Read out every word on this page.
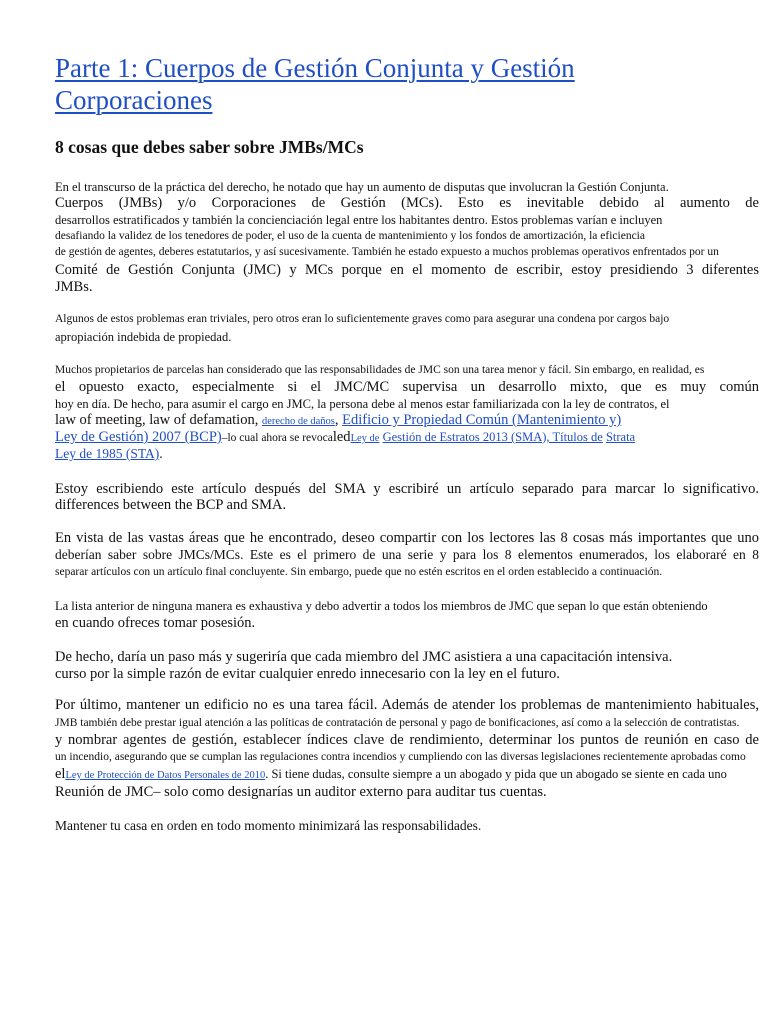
Parte 1: Cuerpos de Gestión Conjunta y Gestión
Corporaciones
8 cosas que debes saber sobre JMBs/MCs
En el transcurso de la práctica del derecho, he notado que hay un aumento de disputas que involucran la Gestión Conjunta.
Cuerpos (JMBs) y/o Corporaciones de Gestión (MCs). Esto es inevitable debido al aumento de
desarrollos estratificados y también la concienciación legal entre los habitantes dentro. Estos problemas varían e incluyen
desafiando la validez de los tenedores de poder, el uso de la cuenta de mantenimiento y los fondos de amortización, la eficiencia
de gestión de agentes, deberes estatutarios, y así sucesivamente. También he estado expuesto a muchos problemas operativos enfrentados por un
Comité de Gestión Conjunta (JMC) y MCs porque en el momento de escribir, estoy presidiendo 3 diferentes
JMBs.
Algunos de estos problemas eran triviales, pero otros eran lo suficientemente graves como para asegurar una condena por cargos bajo
apropiación indebida de propiedad.
Muchos propietarios de parcelas han considerado que las responsabilidades de JMC son una tarea menor y fácil. Sin embargo, en realidad, es
el opuesto exacto, especialmente si el JMC/MC supervisa un desarrollo mixto, que es muy común
hoy en día. De hecho, para asumir el cargo en JMC, la persona debe al menos estar familiarizada con la ley de contratos, el
law of meeting, law of defamation, derecho de daños, Edificio y Propiedad Común (Mantenimiento y)
Ley de Gestión) 2007 (BCP)–lo cual ahora se revocaledLey de Gestión de Estratos 2013 (SMA), Títulos de Strata
Ley de 1985 (STA).
Estoy escribiendo este artículo después del SMA y escribiré un artículo separado para marcar lo significativo.
differences between the BCP and SMA.
En vista de las vastas áreas que he encontrado, deseo compartir con los lectores las 8 cosas más importantes que uno
deberían saber sobre JMCs/MCs. Este es el primero de una serie y para los 8 elementos enumerados, los elaboraré en 8
separar artículos con un artículo final concluyente. Sin embargo, puede que no estén escritos en el orden establecido a continuación.
La lista anterior de ninguna manera es exhaustiva y debo advertir a todos los miembros de JMC que sepan lo que están obteniendo
en cuando ofreces tomar posesión.
De hecho, daría un paso más y sugeriría que cada miembro del JMC asistiera a una capacitación intensiva.
curso por la simple razón de evitar cualquier enredo innecesario con la ley en el futuro.
Por último, mantener un edificio no es una tarea fácil. Además de atender los problemas de mantenimiento habituales,
JMB también debe prestar igual atención a las políticas de contratación de personal y pago de bonificaciones, así como a la selección de contratistas.
y nombrar agentes de gestión, establecer índices clave de rendimiento, determinar los puntos de reunión en caso de
un incendio, asegurando que se cumplan las regulaciones contra incendios y cumpliendo con las diversas legislaciones recientemente aprobadas como
elLey de Protección de Datos Personales de 2010. Si tiene dudas, consulte siempre a un abogado y pida que un abogado se siente en cada uno
Reunión de JMC– solo como designarías un auditor externo para auditar tus cuentas.
Mantener tu casa en orden en todo momento minimizará las responsabilidades.
